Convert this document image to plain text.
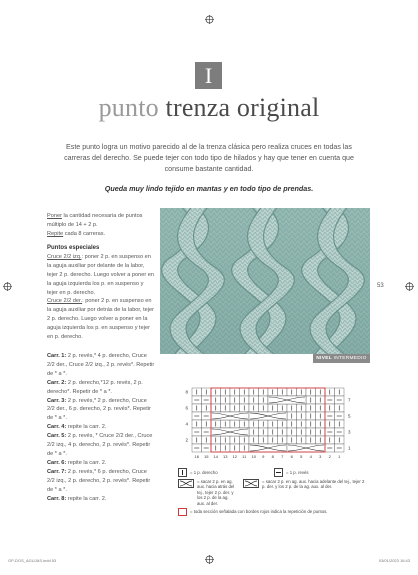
I
punto trenza original
Este punto logra un motivo parecido al de la trenza clásica pero realiza cruces en todas las carreras del derecho. Se puede tejer con todo tipo de hilados y hay que tener en cuenta que consume bastante cantidad.
Queda muy lindo tejido en mantas y en todo tipo de prendas.
Poner la cantidad necesaria de puntos múltiplo de 14 + 2 p.
Repite cada 8 carreras.
Puntos especiales
Cruce 2/2 izq.: poner 2 p. en suspenso en la aguja auxiliar por delante de la labor, tejer 2 p. derecho. Luego volver a poner en la aguja izquierda los p. en suspenso y tejer en p. derecho.
Cruce 2/2 der.: poner 2 p. en suspenso en la aguja auxiliar por detrás de la labor, tejer 2 p. derecho. Luego volver a poner en la aguja izquierda los p. en suspenso y tejer en p. derecho.
Carr. 1: 2 p. revés,* 4 p. derecho, Cruce 2/2 der., Cruce 2/2 izq., 2 p. revés*. Repetir de * a *.
Carr. 2: 2 p. derecho,*12 p. revés, 2 p. derecho*. Repetir de * a *.
Carr. 3: 2 p. revés,* 2 p. derecho, Cruce 2/2 der., 6 p. derecho, 2 p. revés*. Repetir de * a *.
Carr. 4: repite la carr. 2.
Carr. 5: 2 p. revés, * Cruce 2/2 der., Cruce 2/2 izq., 4 p. derecho, 2 p. revés*. Repetir de * a *.
Carr. 6: repite la carr. 2.
Carr. 7: 2 p. revés,* 6 p. derecho, Cruce 2/2 izq., 2 p. derecho, 2 p. revés*. Repetir de * a *.
Carr. 8: repite la carr. 2.
53
NIVEL INTERMEDIO
8
6
4
2
7
5
3
1
16 15 14 13 12 11 10 9 8 7 6 5 4 3 2 1
= 1 p. derecho	= 1 p. revés
= sacar 2 p. en ag. aux. hacia atrás del tej., tejer 2 p. der. y los 2 p. de la ag. aux. al der.
= sacar 2 p. en ag. aux. hacia adelante del tej., tejer 2 p. der. y los 2 p. de la ag. aux. al der.
= toda sección señalada con bordes rojos indica la repetición de puntos.
GP-DOS_AGUJAS.indd 53	03/01/2023 16:43
